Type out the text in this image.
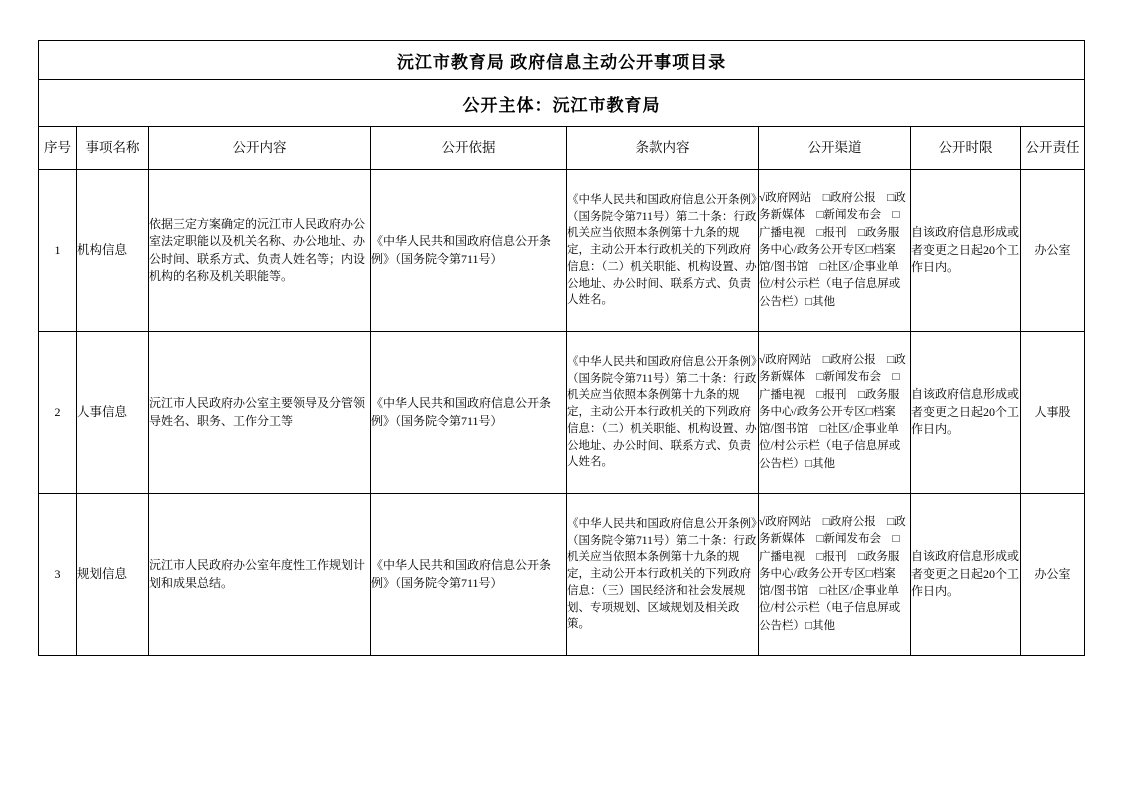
沅江市教育局 政府信息主动公开事项目录							
公开主体：沅江市教育局							
序号	事项名称	公开内容	公开依据	条款内容	公开渠道	公开时限	公开责任
1	机构信息	依据三定方案确定的沅江市人民政府办公室法定职能以及机关名称、办公地址、办公时间、联系方式、负责人姓名等；内设机构的名称及机关职能等。	《中华人民共和国政府信息公开条例》（国务院令第711号）	《中华人民共和国政府信息公开条例》（国务院令第711号）第二十条：行政机关应当依照本条例第十九条的规定，主动公开本行政机关的下列政府信息：（二）机关职能、机构设置、办公地址、办公时间、联系方式、负责人姓名。	√政府网站　□政府公报　□政务新媒体　□新闻发布会　□广播电视　□报刊　□政务服务中心/政务公开专区□档案馆/图书馆　□社区/企事业单位/村公示栏（电子信息屏或公告栏）□其他	自该政府信息形成或者变更之日起20个工作日内。	办公室
2	人事信息	沅江市人民政府办公室主要领导及分管领导姓名、职务、工作分工等	《中华人民共和国政府信息公开条例》（国务院令第711号）	《中华人民共和国政府信息公开条例》（国务院令第711号）第二十条：行政机关应当依照本条例第十九条的规定，主动公开本行政机关的下列政府信息：（二）机关职能、机构设置、办公地址、办公时间、联系方式、负责人姓名。	√政府网站　□政府公报　□政务新媒体　□新闻发布会　□广播电视　□报刊　□政务服务中心/政务公开专区□档案馆/图书馆　□社区/企事业单位/村公示栏（电子信息屏或公告栏）□其他	自该政府信息形成或者变更之日起20个工作日内。	人事股
3	规划信息	沅江市人民政府办公室年度性工作规划计划和成果总结。	《中华人民共和国政府信息公开条例》（国务院令第711号）	《中华人民共和国政府信息公开条例》（国务院令第711号）第二十条：行政机关应当依照本条例第十九条的规定，主动公开本行政机关的下列政府信息：（三）国民经济和社会发展规划、专项规划、区域规划及相关政策。	√政府网站　□政府公报　□政务新媒体　□新闻发布会　□广播电视　□报刊　□政务服务中心/政务公开专区□档案馆/图书馆　□社区/企事业单位/村公示栏（电子信息屏或公告栏）□其他	自该政府信息形成或者变更之日起20个工作日内。	办公室
